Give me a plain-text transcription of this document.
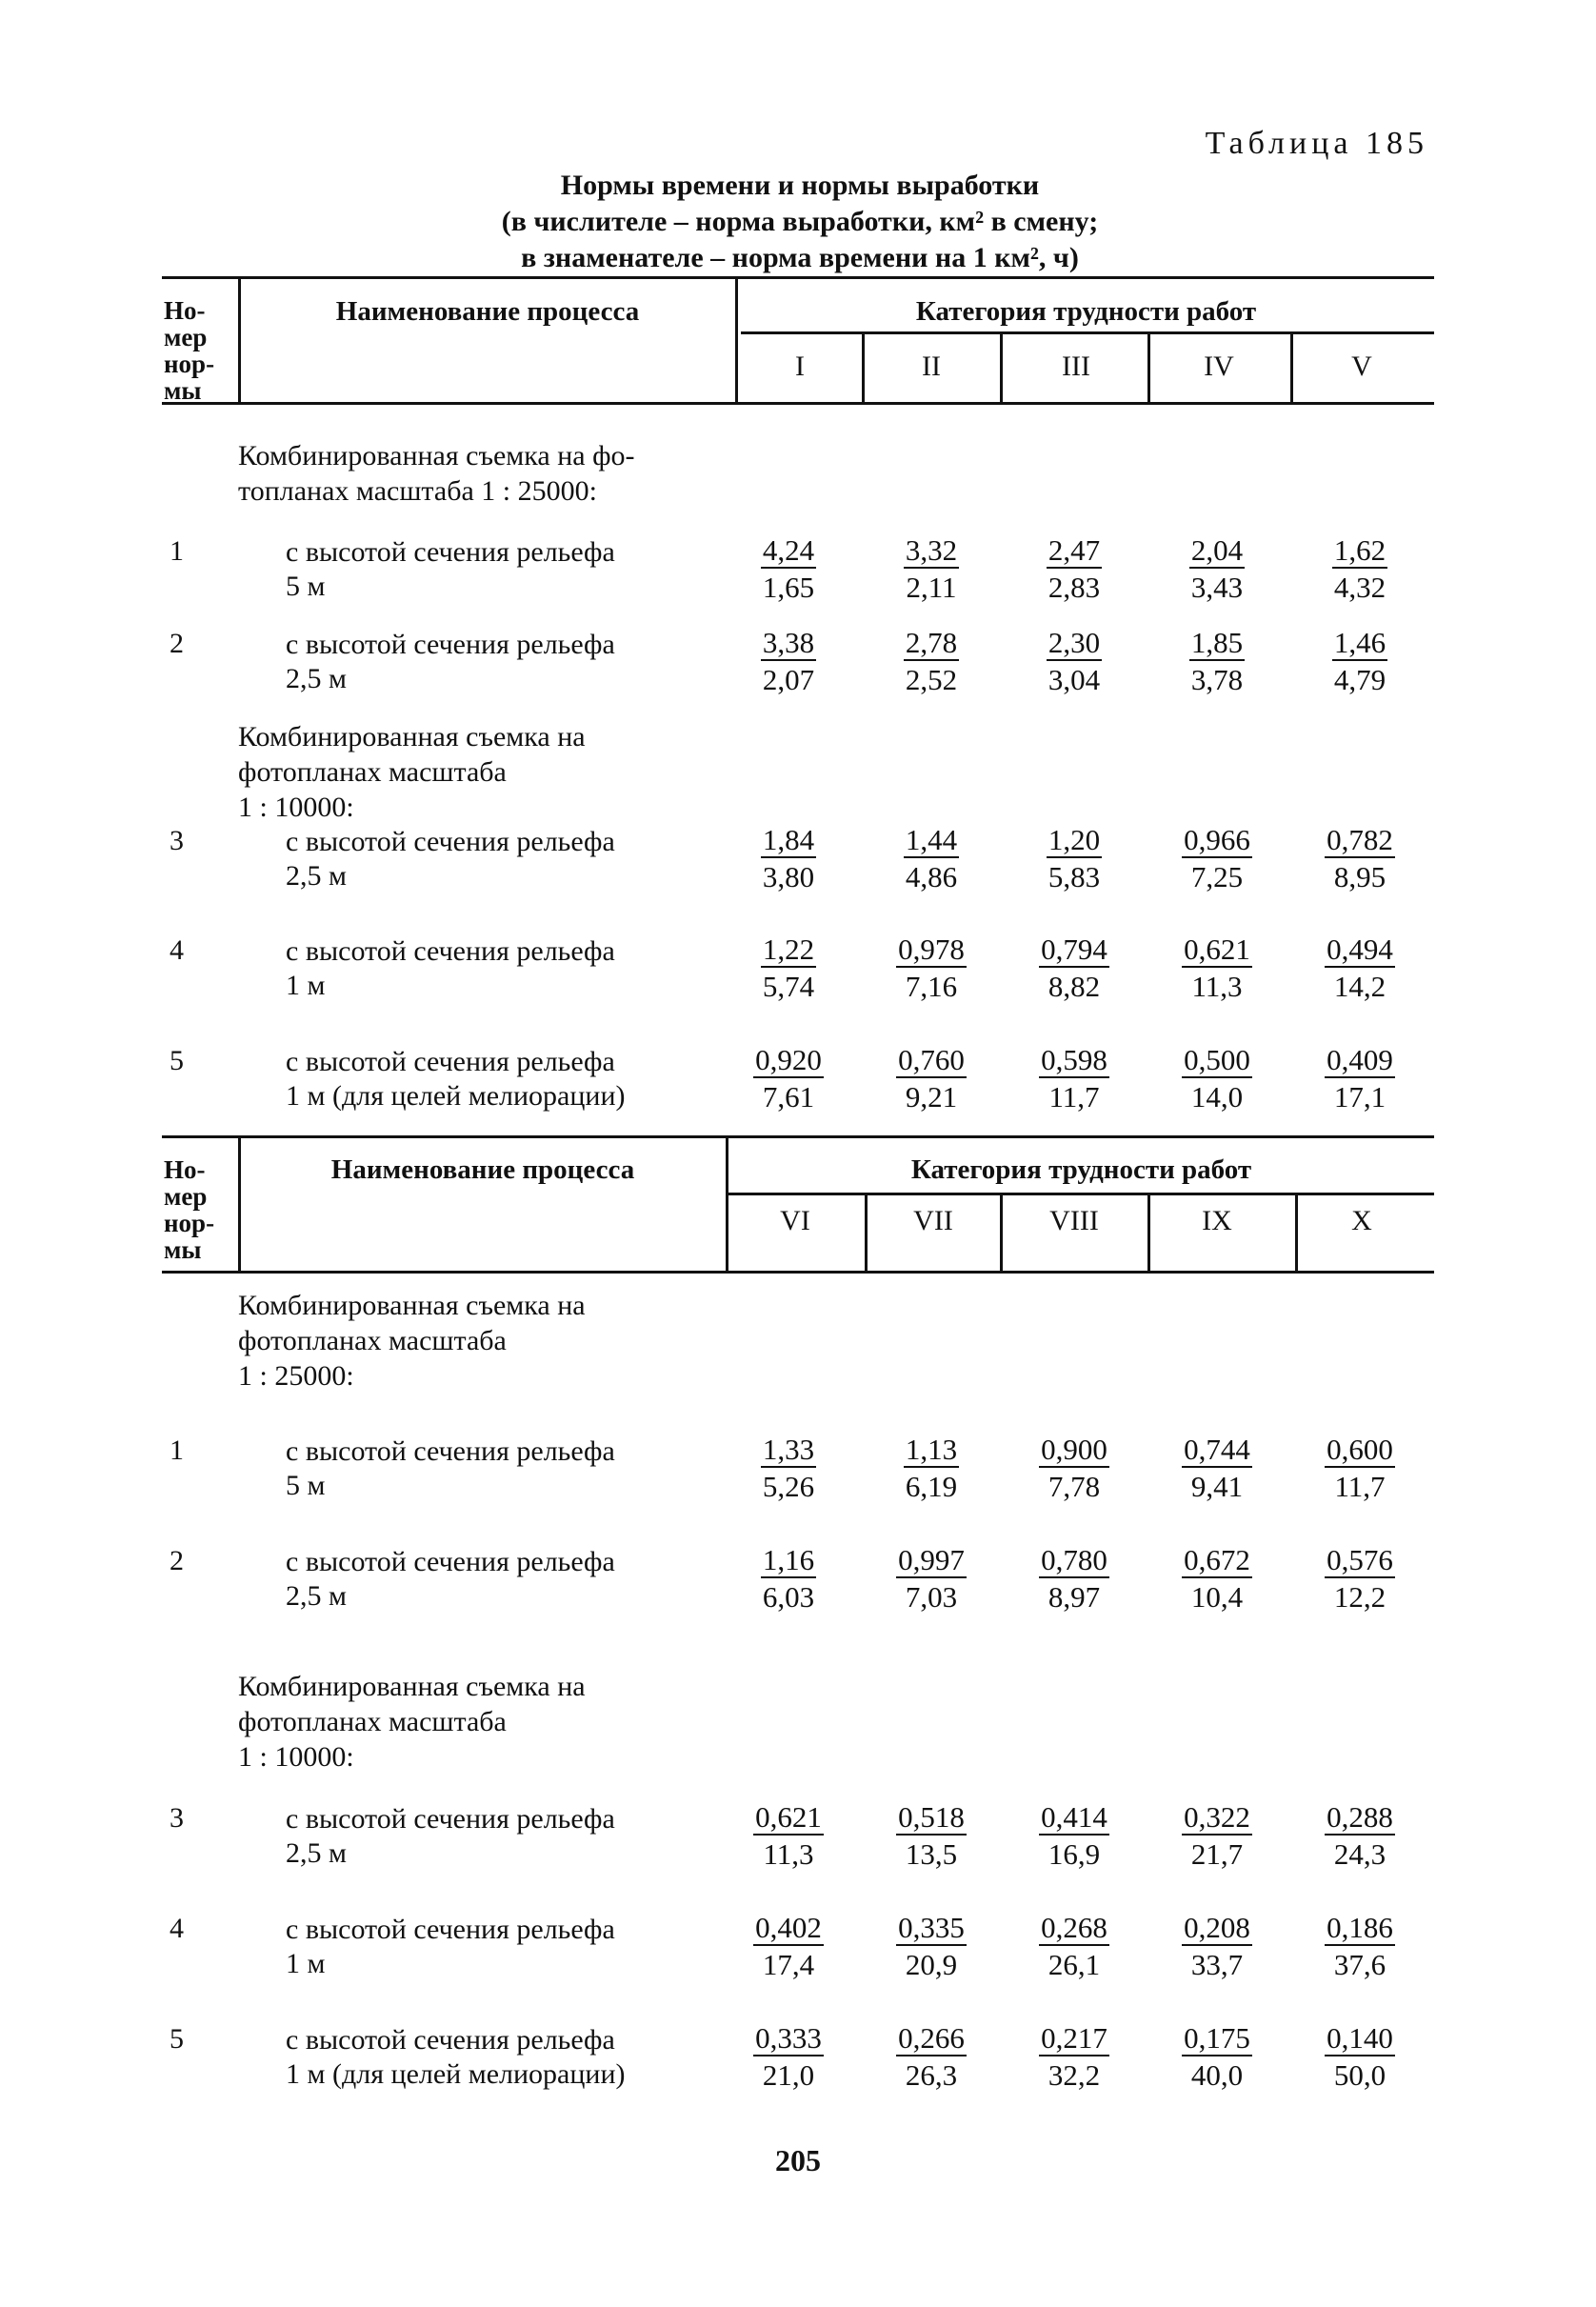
Таблица 185
Нормы времени и нормы выработки
(в числителе – норма выработки, км² в смену;
в знаменателе – норма времени на 1 км², ч)
Но-
мер
нор-
мы
Наименование процесса	Категория трудности работ
I	II	III	IV	V
Комбинированная съемка на фо-
топланах масштаба 1 : 25000:
1	с высотой сечения рельефа
5 м	$\frac{4,24}{1,65} \frac{3,32}{2,11} \frac{2,47}{2,83} \frac{2,04}{3,43} \frac{1,62}{4,32}$
2	с высотой сечения рельефа
2,5 м	$\frac{3,38}{2,07} \frac{2,78}{2,52} \frac{2,30}{3,04} \frac{1,85}{3,78} \frac{1,46}{4,79}$
Комбинированная съемка на
фотопланах масштаба
1 : 10000:
3	с высотой сечения рельефа
2,5 м	$\frac{1,84}{3,80} \frac{1,44}{4,86} \frac{1,20}{5,83} \frac{0,966}{7,25} \frac{0,782}{8,95}$
4	с высотой сечения рельефа
1 м	$\frac{1,22}{5,74} \frac{0,978}{7,16} \frac{0,794}{8,82} \frac{0,621}{11,3} \frac{0,494}{14,2}$
5	с высотой сечения рельефа
1 м (для целей мелиорации)	$\frac{0,920}{7,61} \frac{0,760}{9,21} \frac{0,598}{11,7} \frac{0,500}{14,0} \frac{0,409}{17,1}$
Но-
мер
нор-
мы
Наименование процесса	Категория трудности работ
VI	VII	VIII	IX	X
Комбинированная съемка на
фотопланах масштаба
1 : 25000:
1	с высотой сечения рельефа
5 м	$\frac{1,33}{5,26} \frac{1,13}{6,19} \frac{0,900}{7,78} \frac{0,744}{9,41} \frac{0,600}{11,7}$
2	с высотой сечения рельефа
2,5 м	$\frac{1,16}{6,03} \frac{0,997}{7,03} \frac{0,780}{8,97} \frac{0,672}{10,4} \frac{0,576}{12,2}$
Комбинированная съемка на
фотопланах масштаба
1 : 10000:
3	с высотой сечения рельефа
2,5 м	$\frac{0,621}{11,3} \frac{0,518}{13,5} \frac{0,414}{16,9} \frac{0,322}{21,7} \frac{0,288}{24,3}$
4	с высотой сечения рельефа
1 м	$\frac{0,402}{17,4} \frac{0,335}{20,9} \frac{0,268}{26,1} \frac{0,208}{33,7} \frac{0,186}{37,6}$
5	с высотой сечения рельефа
1 м (для целей мелиорации)	$\frac{0,333}{21,0} \frac{0,266}{26,3} \frac{0,217}{32,2} \frac{0,175}{40,0} \frac{0,140}{50,0}$
205
